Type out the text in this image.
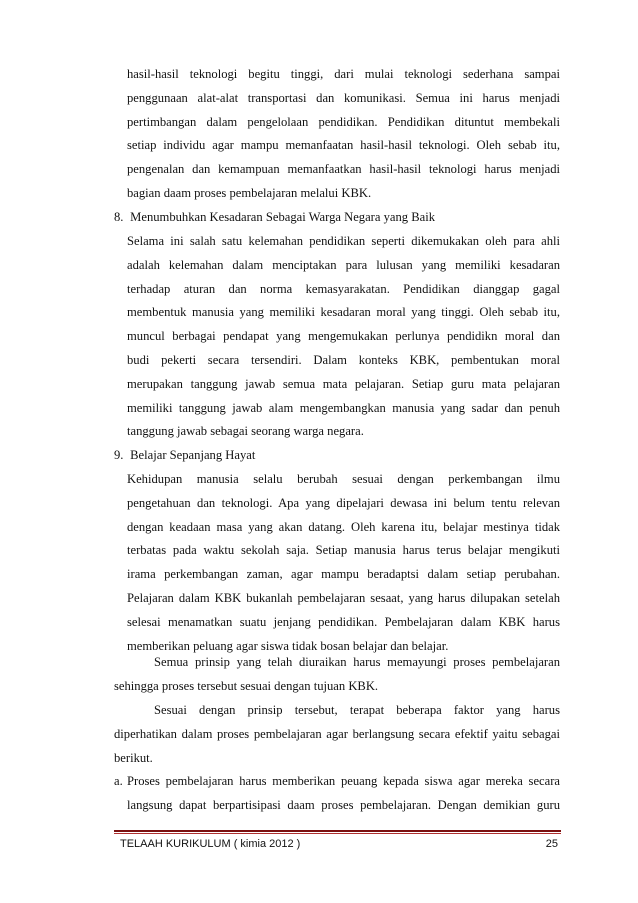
hasil-hasil teknologi begitu tinggi, dari mulai teknologi sederhana sampai
penggunaan alat-alat transportasi dan komunikasi. Semua ini harus menjadi
pertimbangan dalam pengelolaan pendidikan. Pendidikan dituntut membekali
setiap individu agar mampu memanfaatan hasil-hasil teknologi. Oleh sebab itu,
pengenalan dan kemampuan memanfaatkan hasil-hasil teknologi harus menjadi
bagian daam proses pembelajaran melalui KBK.
8. Menumbuhkan Kesadaran Sebagai Warga Negara yang Baik
Selama ini salah satu kelemahan pendidikan seperti dikemukakan oleh para ahli
adalah kelemahan dalam menciptakan para lulusan yang memiliki kesadaran
terhadap aturan dan norma kemasyarakatan. Pendidikan dianggap gagal
membentuk manusia yang memiliki kesadaran moral yang tinggi. Oleh sebab itu,
muncul berbagai pendapat yang mengemukakan perlunya pendidikn moral dan
budi pekerti secara tersendiri. Dalam konteks KBK, pembentukan moral
merupakan tanggung jawab semua mata pelajaran. Setiap guru mata pelajaran
memiliki tanggung jawab alam mengembangkan manusia yang sadar dan penuh
tanggung jawab sebagai seorang warga negara.
9. Belajar Sepanjang Hayat
Kehidupan manusia selalu berubah sesuai dengan perkembangan ilmu
pengetahuan dan teknologi. Apa yang dipelajari dewasa ini belum tentu relevan
dengan keadaan masa yang akan datang. Oleh karena itu, belajar mestinya tidak
terbatas pada waktu sekolah saja. Setiap manusia harus terus belajar mengikuti
irama perkembangan zaman, agar mampu beradaptsi dalam setiap perubahan.
Pelajaran dalam KBK bukanlah pembelajaran sesaat, yang harus dilupakan setelah
selesai menamatkan suatu jenjang pendidikan. Pembelajaran dalam KBK harus
memberikan peluang agar siswa tidak bosan belajar dan belajar.
Semua prinsip yang telah diuraikan harus memayungi proses pembelajaran
sehingga proses tersebut sesuai dengan tujuan KBK.
Sesuai dengan prinsip tersebut, terapat beberapa faktor yang harus
diperhatikan dalam proses pembelajaran agar berlangsung secara efektif yaitu sebagai
berikut.
a. Proses pembelajaran harus memberikan peuang kepada siswa agar mereka secara
langsung dapat berpartisipasi daam proses pembelajaran. Dengan demikian guru
TELAAH KURIKULUM ( kimia 2012 )	25
